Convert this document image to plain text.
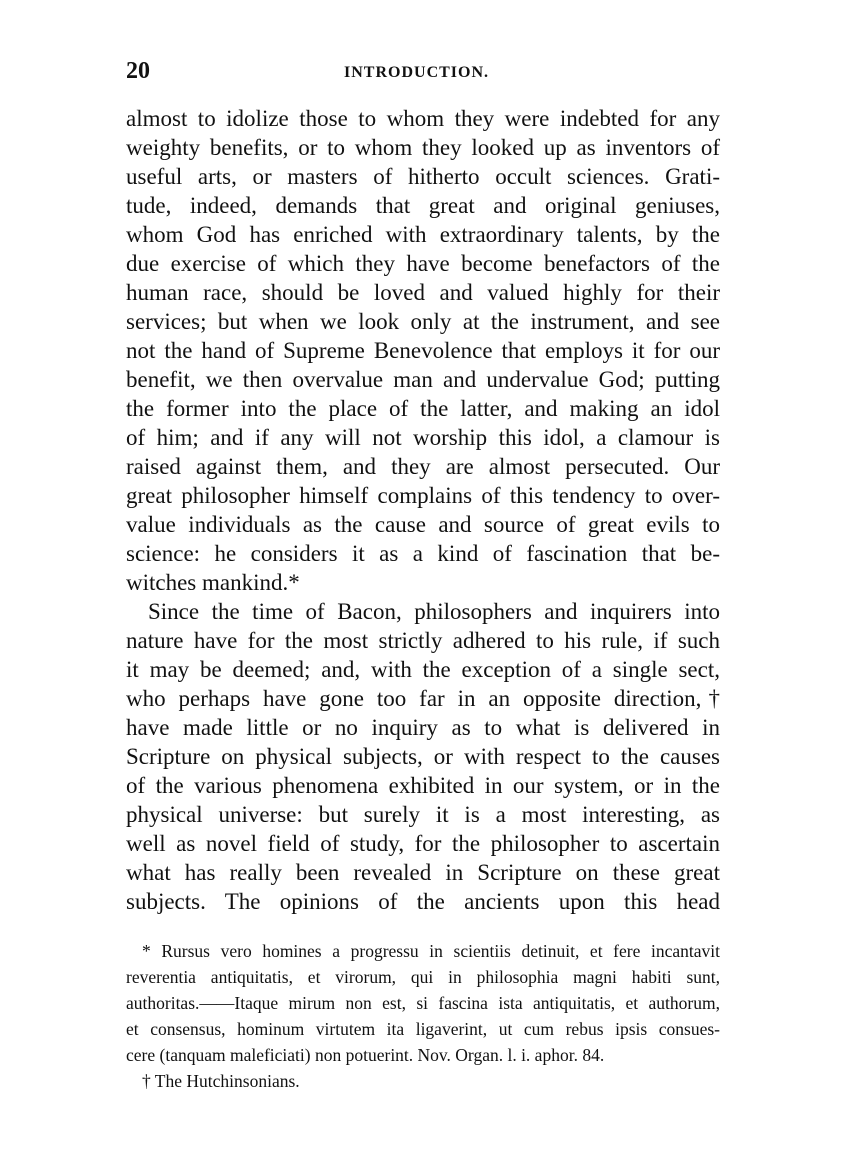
20	INTRODUCTION.
almost to idolize those to whom they were indebted for any
weighty benefits, or to whom they looked up as inventors of
useful arts, or masters of hitherto occult sciences. Grati-
tude, indeed, demands that great and original geniuses,
whom God has enriched with extraordinary talents, by the
due exercise of which they have become benefactors of the
human race, should be loved and valued highly for their
services; but when we look only at the instrument, and see
not the hand of Supreme Benevolence that employs it for our
benefit, we then overvalue man and undervalue God; putting
the former into the place of the latter, and making an idol
of him; and if any will not worship this idol, a clamour is
raised against them, and they are almost persecuted. Our
great philosopher himself complains of this tendency to over-
value individuals as the cause and source of great evils to
science: he considers it as a kind of fascination that be-
witches mankind.*
Since the time of Bacon, philosophers and inquirers into
nature have for the most strictly adhered to his rule, if such
it may be deemed; and, with the exception of a single sect,
who perhaps have gone too far in an opposite direction,†
have made little or no inquiry as to what is delivered in
Scripture on physical subjects, or with respect to the causes
of the various phenomena exhibited in our system, or in the
physical universe: but surely it is a most interesting, as
well as novel field of study, for the philosopher to ascertain
what has really been revealed in Scripture on these great
subjects. The opinions of the ancients upon this head
* Rursus vero homines a progressu in scientiis detinuit, et fere incantavit
reverentia antiquitatis, et virorum, qui in philosophia magni habiti sunt,
authoritas.——Itaque mirum non est, si fascina ista antiquitatis, et authorum,
et consensus, hominum virtutem ita ligaverint, ut cum rebus ipsis consues-
cere (tanquam maleficiati) non potuerint. Nov. Organ. l. i. aphor. 84.
† The Hutchinsonians.
